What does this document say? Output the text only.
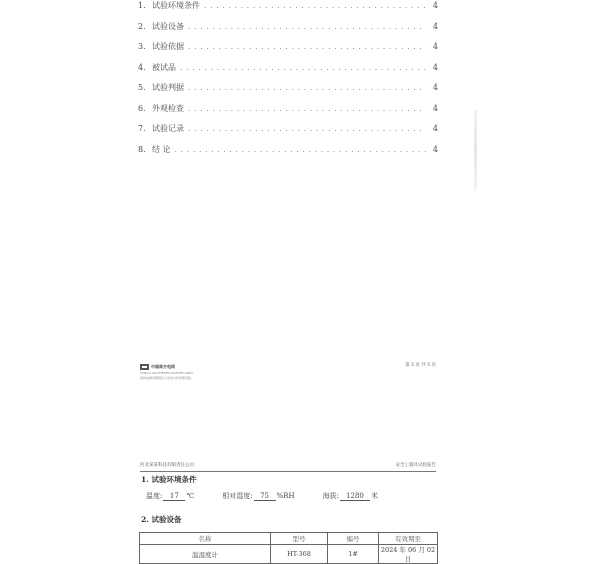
1. 试验环境条件 . . .	4
2. 试验设备 . . .	4
3. 试验依据 . . .	4
4. 被试品 . . .	4
5. 试验判据 . . .	4
6. 外观检查 . . .	4
7. 试验记录 . . .	4
8. 结 论 . . .	4
中国南方电网
CHINA SOUTHERN POWER GRID
贵州电网有限责任公司电力科学研究院
第 3 页 共 5 页
河北某某科技有限责任公司	安全工器具试验报告
1. 试验环境条件
温度:	17	℃	相对湿度:	75	%RH	海拔:	1280	米
2. 试验设备
名称	型号	编号	有效期至
温湿度计	HT-368	1#	2024 年 06 月 02 日
